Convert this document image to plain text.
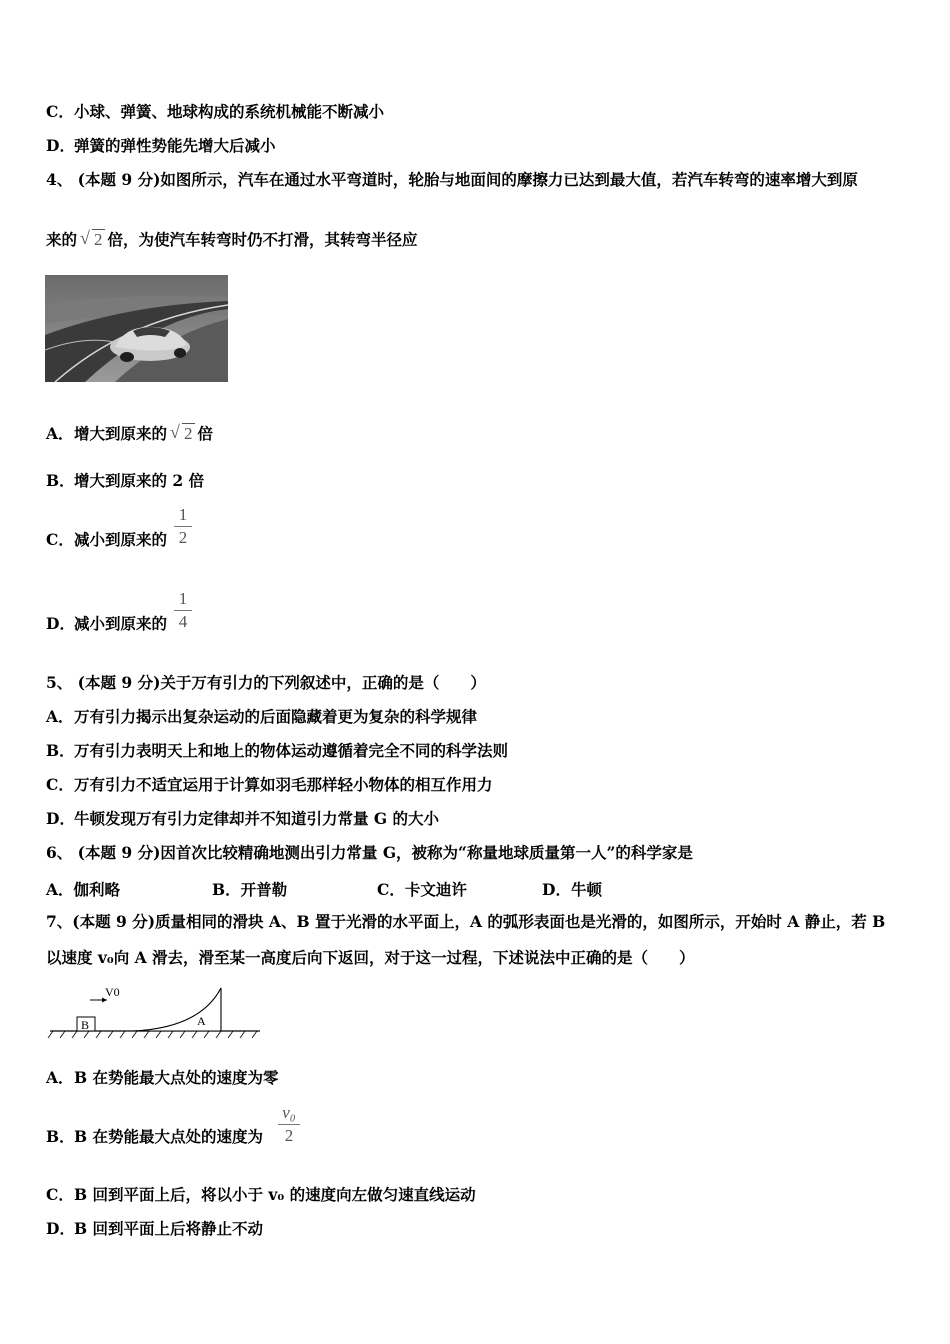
C．小球、弹簧、地球构成的系统机械能不断减小
D．弹簧的弹性势能先增大后减小
4、 (本题 9 分)如图所示，汽车在通过水平弯道时，轮胎与地面间的摩擦力已达到最大值，若汽车转弯的速率增大到原
来的 √ 2 倍，为使汽车转弯时仍不打滑，其转弯半径应
A．增大到原来的 √ 2 倍
B．增大到原来的 2 倍
C．减小到原来的
1
2
D．减小到原来的
1
4
5、 (本题 9 分)关于万有引力的下列叙述中，正确的是（　　）
A．万有引力揭示出复杂运动的后面隐藏着更为复杂的科学规律
B．万有引力表明天上和地上的物体运动遵循着完全不同的科学法则
C．万有引力不适宜运用于计算如羽毛那样轻小物体的相互作用力
D．牛顿发现万有引力定律却并不知道引力常量 G 的大小
6、 (本题 9 分)因首次比较精确地测出引力常量 G，被称为“称量地球质量第一人”的科学家是
A．伽利略	B．开普勒	C．卡文迪许	D．牛顿
7、(本题 9 分)质量相同的滑块 A、B 置于光滑的水平面上，A 的弧形表面也是光滑的，如图所示，开始时 A 静止，若 B
以速度 v₀向 A 滑去，滑至某一高度后向下返回，对于这一过程，下述说法中正确的是（　　）
B
V0
A
A．B 在势能最大点处的速度为零
B．B 在势能最大点处的速度为
v₀
2
C．B 回到平面上后，将以小于 v₀ 的速度向左做匀速直线运动
D．B 回到平面上后将静止不动
